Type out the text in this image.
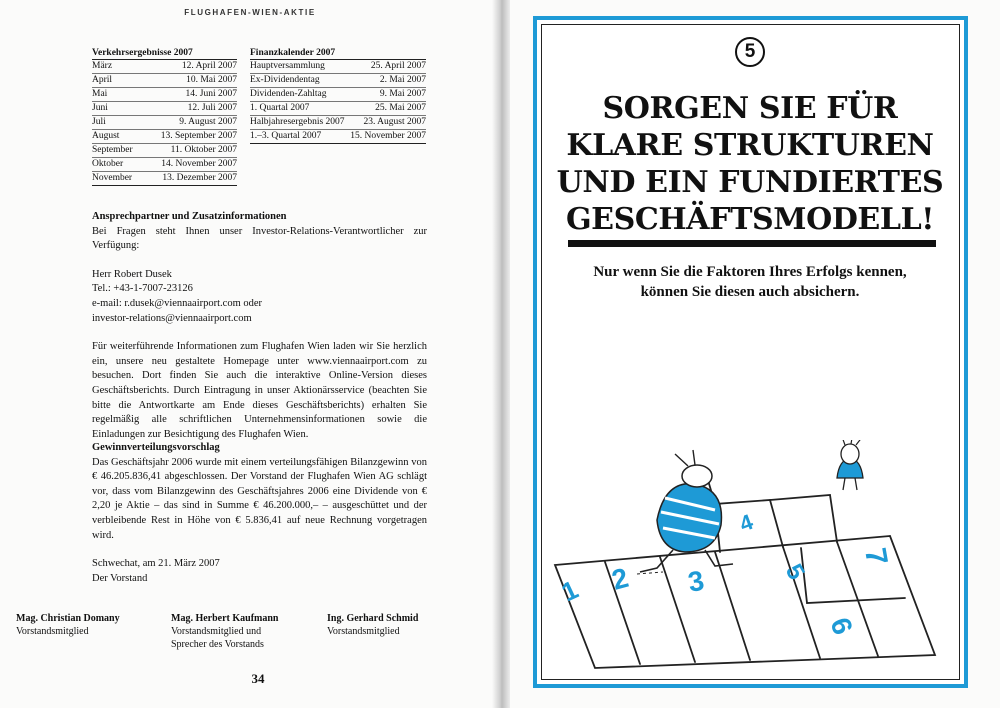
FLUGHAFEN-WIEN-AKTIE
Verkehrsergebnisse 2007	
März	12. April 2007
April	10. Mai 2007
Mai	14. Juni 2007
Juni	12. Juli 2007
Juli	9. August 2007
August	13. September 2007
September	11. Oktober 2007
Oktober	14. November 2007
November	13. Dezember 2007
Finanzkalender 2007	
Hauptversammlung	25. April 2007
Ex-Dividendentag	2. Mai 2007
Dividenden-Zahltag	9. Mai 2007
1. Quartal 2007	25. Mai 2007
Halbjahresergebnis 2007	23. August 2007
1.–3. Quartal 2007	15. November 2007
Ansprechpartner und Zusatzinformationen

Bei Fragen steht Ihnen unser Investor-Relations-Verantwortlicher zur Verfügung:

Herr Robert Dusek

Tel.: +43-1-7007-23126

e-mail: r.dusek@viennaairport.com oder

investor-relations@viennaairport.com

Für weiterführende Informationen zum Flughafen Wien laden wir Sie herzlich ein, unsere neu gestaltete Homepage unter www.viennaairport.com zu besuchen. Dort finden Sie auch die interaktive Online-Version dieses Geschäftsberichts. Durch Eintragung in unser Aktionärsservice (beachten Sie bitte die Antwortkarte am Ende dieses Geschäftsberichts) erhalten Sie regelmäßig alle schriftlichen Unternehmensinformationen sowie die Einladungen zur Besichtigung des Flughafen Wien.

Gewinnverteilungsvorschlag

Das Geschäftsjahr 2006 wurde mit einem verteilungsfähigen Bilanzgewinn von € 46.205.836,41 abgeschlossen. Der Vorstand der Flughafen Wien AG schlägt vor, dass vom Bilanzgewinn des Geschäftsjahres 2006 eine Dividende von € 2,20 je Aktie – das sind in Summe € 46.200.000,– – ausgeschüttet und der verbleibende Rest in Höhe von € 5.836,41 auf neue Rechnung vorgetragen wird.

Schwechat, am 21. März 2007

Der Vorstand

Mag. Christian Domany
Vorstandsmitglied
Mag. Herbert Kaufmann
Vorstandsmitglied und
Sprecher des Vorstands
Ing. Gerhard Schmid
Vorstandsmitglied
34
5
SORGEN SIE FÜR
KLARE STRUKTUREN
UND EIN FUNDIERTES
GESCHÄFTSMODELL!
Nur wenn Sie die Faktoren Ihres Erfolgs kennen,
können Sie diesen auch absichern.
1 2 3
4
5
6
7
